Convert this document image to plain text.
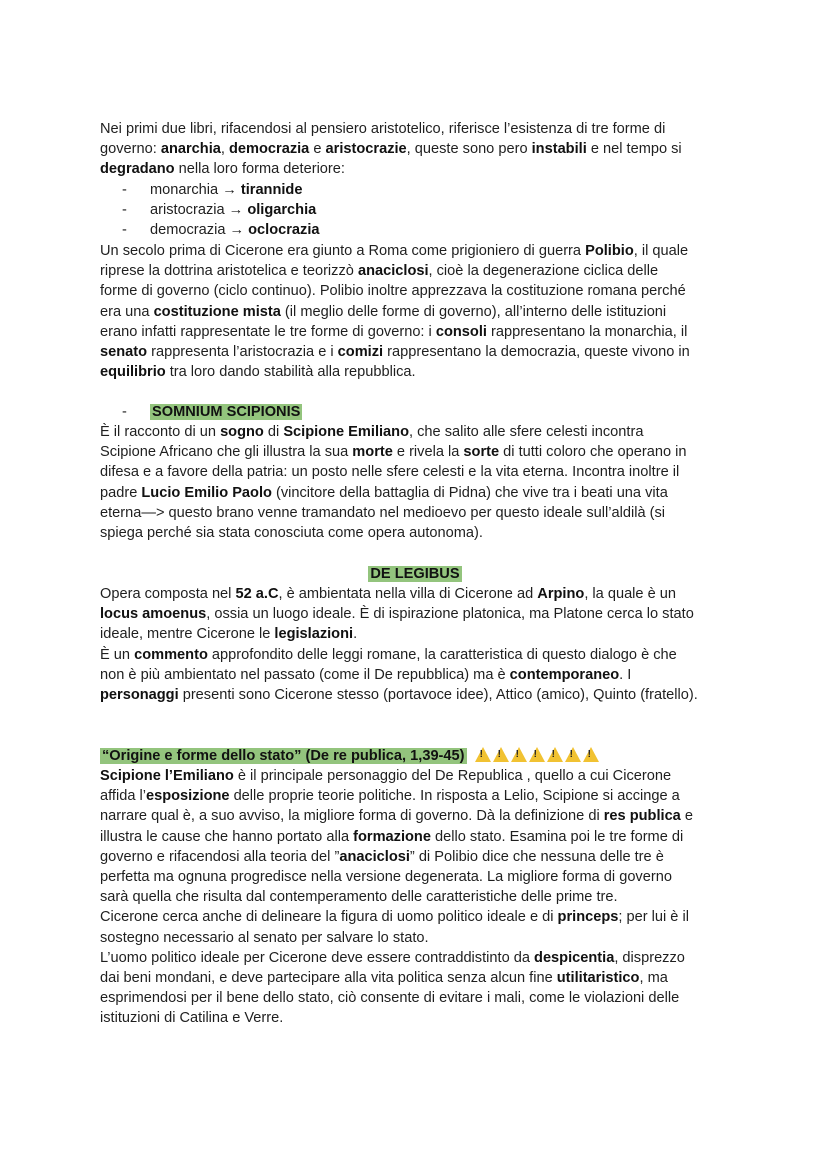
Nei primi due libri, rifacendosi al pensiero aristotelico, riferisce l’esistenza di tre forme di
governo: anarchia, democrazia e aristocrazie, queste sono pero instabili e nel tempo si
degradano nella loro forma deteriore:

- monarchia → tirannide

- aristocrazia → oligarchia

- democrazia → oclocrazia

Un secolo prima di Cicerone era giunto a Roma come prigioniero di guerra Polibio, il quale
riprese la dottrina aristotelica e teorizzò anaciclosi, cioè la degenerazione ciclica delle
forme di governo (ciclo continuo). Polibio inoltre apprezzava la costituzione romana perché
era una costituzione mista (il meglio delle forme di governo), all’interno delle istituzioni
erano infatti rappresentate le tre forme di governo: i consoli rappresentano la monarchia, il
senato rappresenta l’aristocrazia e i comizi rappresentano la democrazia, queste vivono in
equilibrio tra loro dando stabilità alla repubblica.

- SOMNIUM SCIPIONIS

È il racconto di un sogno di Scipione Emiliano, che salito alle sfere celesti incontra
Scipione Africano che gli illustra la sua morte e rivela la sorte di tutti coloro che operano in
difesa e a favore della patria: un posto nelle sfere celesti e la vita eterna. Incontra inoltre il
padre Lucio Emilio Paolo (vincitore della battaglia di Pidna) che vive tra i beati una vita
eterna—> questo brano venne tramandato nel medioevo per questo ideale sull’aldilà (si
spiega perché sia stata conosciuta come opera autonoma).

DE LEGIBUS

Opera composta nel 52 a.C, è ambientata nella villa di Cicerone ad Arpino, la quale è un
locus amoenus, ossia un luogo ideale. È di ispirazione platonica, ma Platone cerca lo stato
ideale, mentre Cicerone le legislazioni.
È un commento approfondito delle leggi romane, la caratteristica di questo dialogo è che
non è più ambientato nel passato (come il De repubblica) ma è contemporaneo. I
personaggi presenti sono Cicerone stesso (portavoce idee), Attico (amico), Quinto (fratello).

“Origine e forme dello stato” (De re publica, 1,39-45) !!!!!!!

Scipione l’Emiliano è il principale personaggio del De Republica , quello a cui Cicerone
affida l’esposizione delle proprie teorie politiche. In risposta a Lelio, Scipione si accinge a
narrare qual è, a suo avviso, la migliore forma di governo. Dà la definizione di res publica e
illustra le cause che hanno portato alla formazione dello stato. Esamina poi le tre forme di
governo e rifacendosi alla teoria del ”anaciclosi” di Polibio dice che nessuna delle tre è
perfetta ma ognuna progredisce nella versione degenerata. La migliore forma di governo
sarà quella che risulta dal contemperamento delle caratteristiche delle prime tre.
Cicerone cerca anche di delineare la figura di uomo politico ideale e di princeps; per lui è il
sostegno necessario al senato per salvare lo stato.
L’uomo politico ideale per Cicerone deve essere contraddistinto da despicentia, disprezzo
dai beni mondani, e deve partecipare alla vita politica senza alcun fine utilitaristico, ma
esprimendosi per il bene dello stato, ciò consente di evitare i mali, come le violazioni delle
istituzioni di Catilina e Verre.
